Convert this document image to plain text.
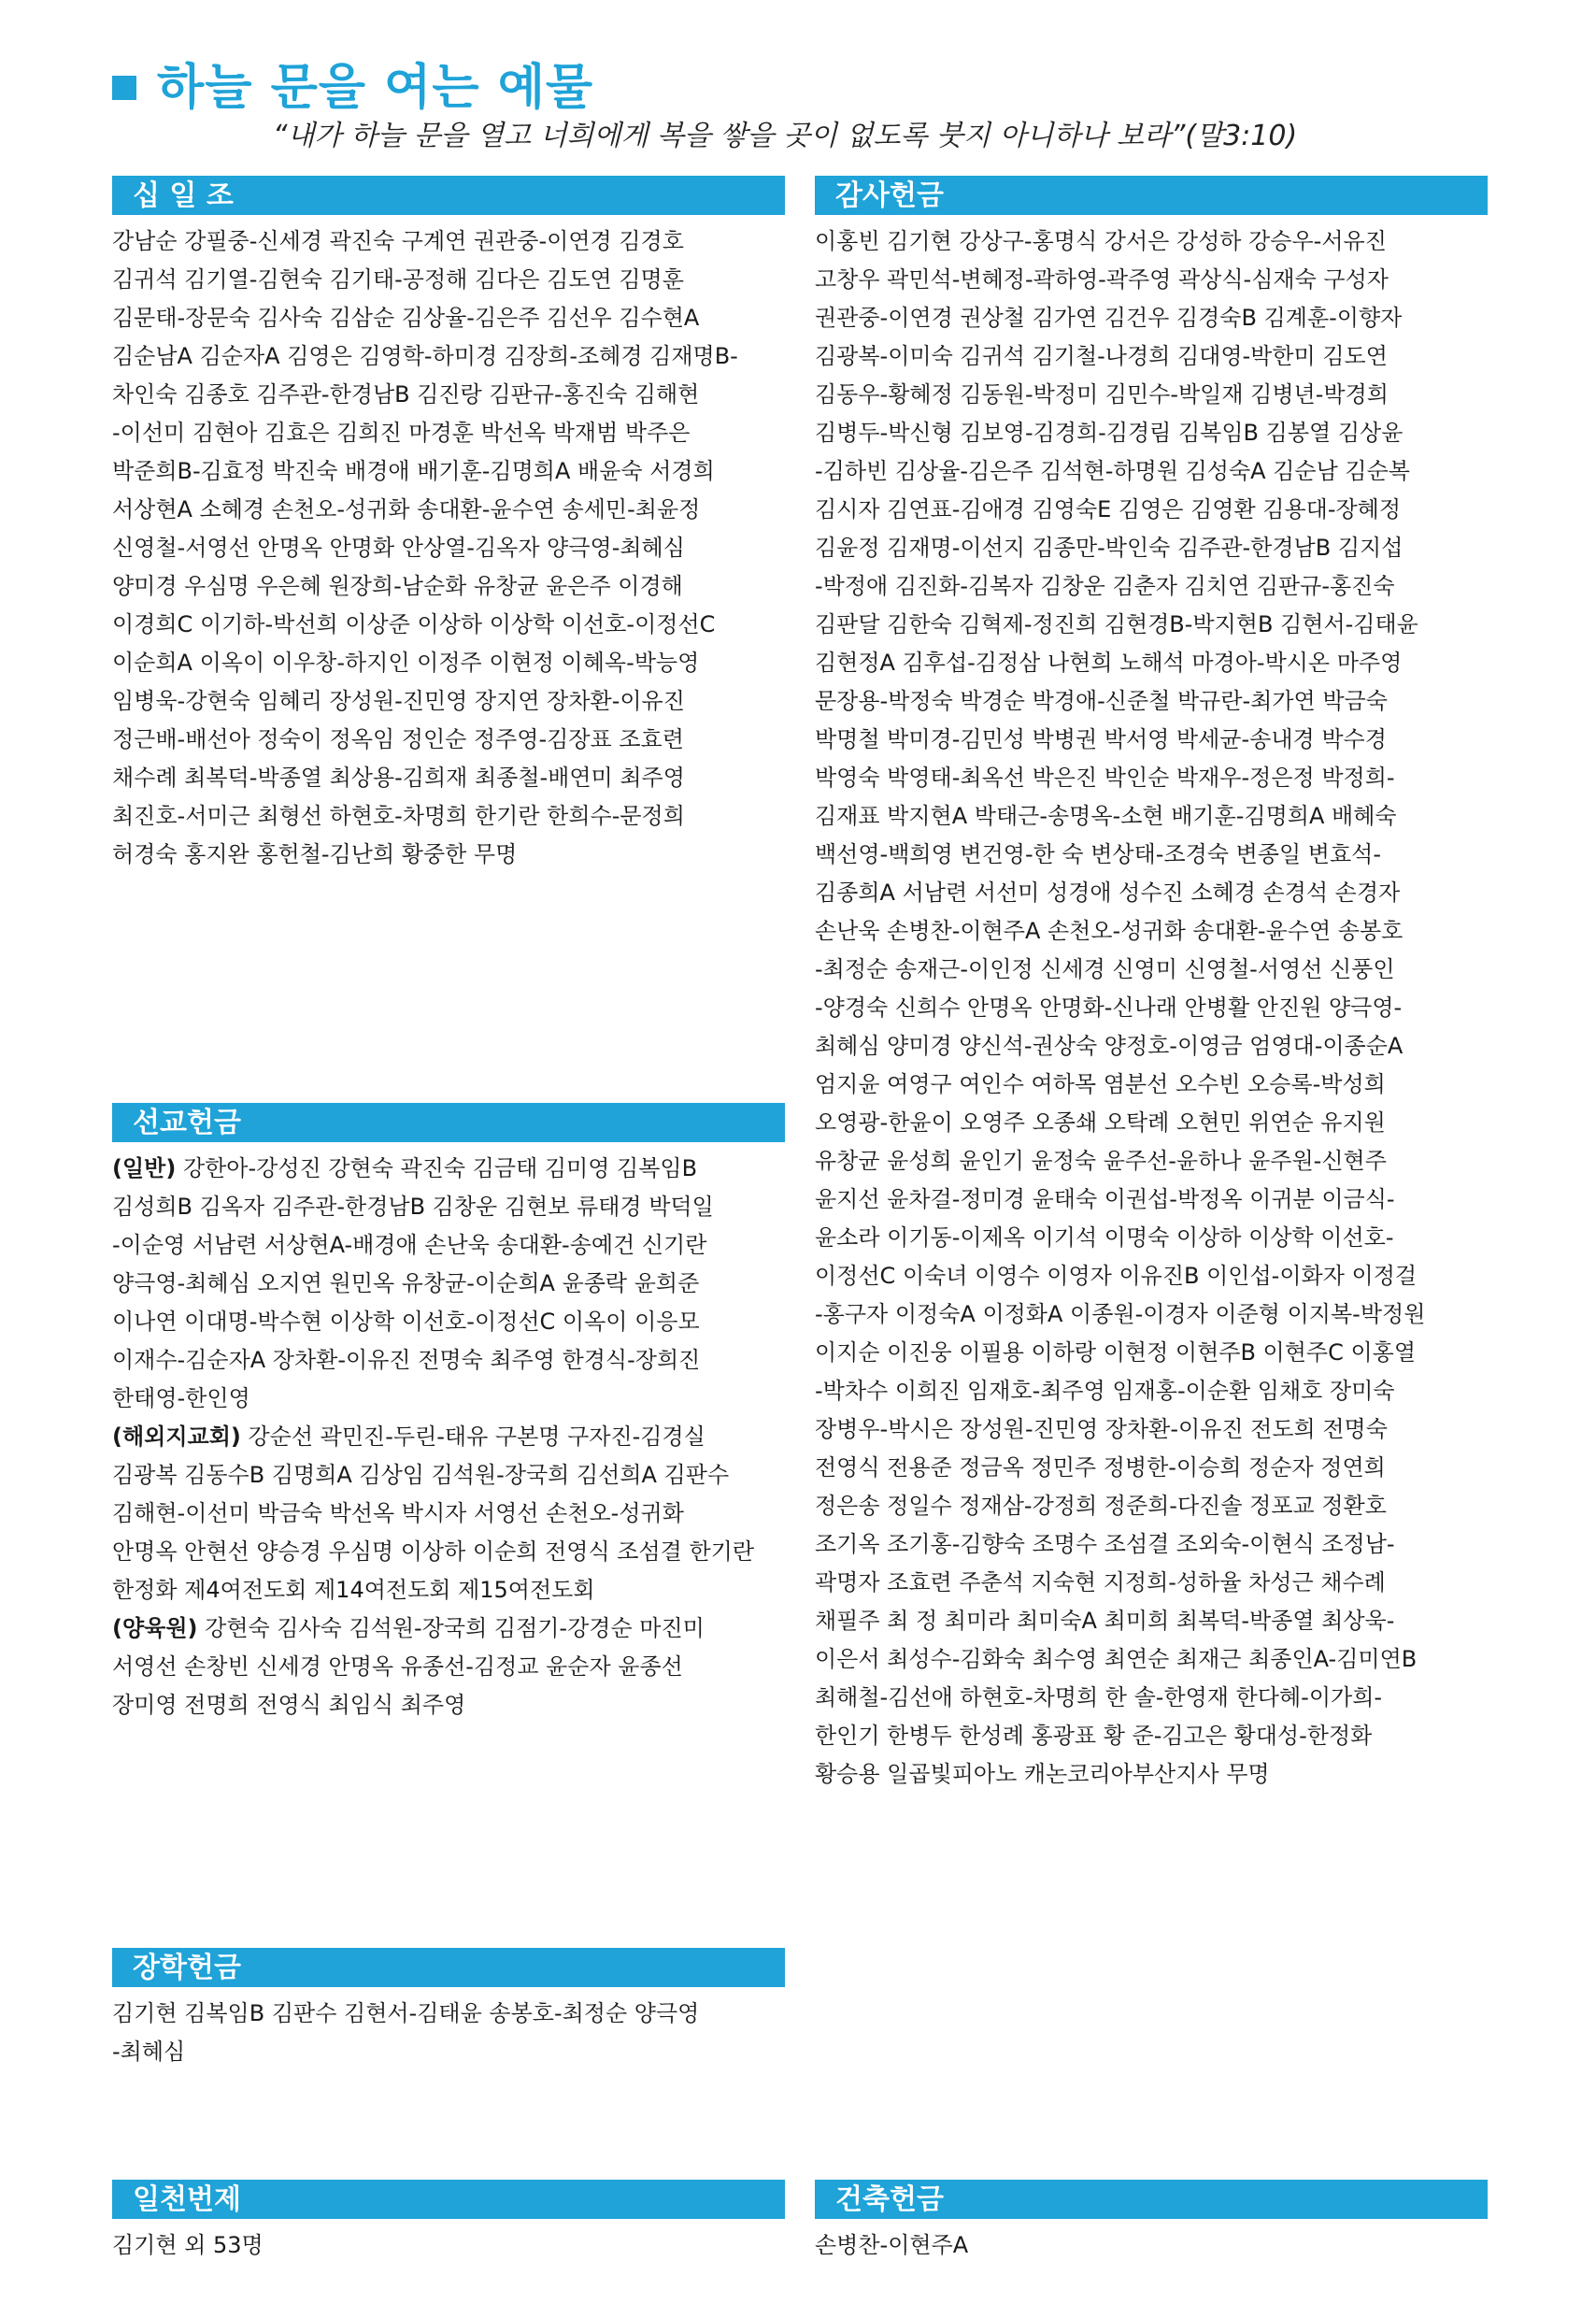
하늘 문을 여는 예물
“내가 하늘 문을 열고 너희에게 복을 쌓을 곳이 없도록 붓지 아니하나 보라”(말3:10)
십 일 조
강남순 강필중-신세경 곽진숙 구계연 권관중-이연경 김경호
김귀석 김기열-김현숙 김기태-공정해 김다은 김도연 김명훈
김문태-장문숙 김사숙 김삼순 김상율-김은주 김선우 김수현A
김순남A 김순자A 김영은 김영학-하미경 김장희-조혜경 김재명B-
차인숙 김종호 김주관-한경남B 김진랑 김판규-홍진숙 김해현
-이선미 김현아 김효은 김희진 마경훈 박선옥 박재범 박주은
박준희B-김효정 박진숙 배경애 배기훈-김명희A 배윤숙 서경희
서상현A 소혜경 손천오-성귀화 송대환-윤수연 송세민-최윤정
신영철-서영선 안명옥 안명화 안상열-김옥자 양극영-최혜심
양미경 우심명 우은혜 원장희-남순화 유창균 윤은주 이경해
이경희C 이기하-박선희 이상준 이상하 이상학 이선호-이정선C
이순희A 이옥이 이우창-하지인 이정주 이현정 이혜옥-박능영
임병욱-강현숙 임혜리 장성원-진민영 장지연 장차환-이유진
정근배-배선아 정숙이 정옥임 정인순 정주영-김장표 조효련
채수례 최복덕-박종열 최상용-김희재 최종철-배연미 최주영
최진호-서미근 최형선 하현호-차명희 한기란 한희수-문정희
허경숙 홍지완 홍헌철-김난희 황중한 무명
선교헌금
(일반) 강한아-강성진 강현숙 곽진숙 김금태 김미영 김복임B
김성희B 김옥자 김주관-한경남B 김창운 김현보 류태경 박덕일
-이순영 서남련 서상현A-배경애 손난욱 송대환-송예건 신기란
양극영-최혜심 오지연 원민옥 유창균-이순희A 윤종락 윤희준
이나연 이대명-박수현 이상학 이선호-이정선C 이옥이 이응모
이재수-김순자A 장차환-이유진 전명숙 최주영 한경식-장희진
한태영-한인영
(해외지교회) 강순선 곽민진-두린-태유 구본명 구자진-김경실
김광복 김동수B 김명희A 김상임 김석원-장국희 김선희A 김판수
김해현-이선미 박금숙 박선옥 박시자 서영선 손천오-성귀화
안명옥 안현선 양승경 우심명 이상하 이순희 전영식 조섬결 한기란
한정화 제4여전도회 제14여전도회 제15여전도회
(양육원) 강현숙 김사숙 김석원-장국희 김점기-강경순 마진미
서영선 손창빈 신세경 안명옥 유종선-김정교 윤순자 윤종선
장미영 전명희 전영식 최임식 최주영
장학헌금
김기현 김복임B 김판수 김현서-김태윤 송봉호-최정순 양극영
-최혜심
일천번제
김기현 외 53명
감사헌금
이홍빈 김기현 강상구-홍명식 강서은 강성하 강승우-서유진
고창우 곽민석-변혜정-곽하영-곽주영 곽상식-심재숙 구성자
권관중-이연경 권상철 김가연 김건우 김경숙B 김계훈-이향자
김광복-이미숙 김귀석 김기철-나경희 김대영-박한미 김도연
김동우-황혜정 김동원-박정미 김민수-박일재 김병년-박경희
김병두-박신형 김보영-김경희-김경림 김복임B 김봉열 김상윤
-김하빈 김상율-김은주 김석현-하명원 김성숙A 김순남 김순복
김시자 김연표-김애경 김영숙E 김영은 김영환 김용대-장혜정
김윤정 김재명-이선지 김종만-박인숙 김주관-한경남B 김지섭
-박정애 김진화-김복자 김창운 김춘자 김치연 김판규-홍진숙
김판달 김한숙 김혁제-정진희 김현경B-박지현B 김현서-김태윤
김현정A 김후섭-김정삼 나현희 노해석 마경아-박시온 마주영
문장용-박정숙 박경순 박경애-신준철 박규란-최가연 박금숙
박명철 박미경-김민성 박병권 박서영 박세균-송내경 박수경
박영숙 박영태-최옥선 박은진 박인순 박재우-정은정 박정희-
김재표 박지현A 박태근-송명옥-소현 배기훈-김명희A 배혜숙
백선영-백희영 변건영-한 숙 변상태-조경숙 변종일 변효석-
김종희A 서남련 서선미 성경애 성수진 소혜경 손경석 손경자
손난욱 손병찬-이현주A 손천오-성귀화 송대환-윤수연 송봉호
-최정순 송재근-이인정 신세경 신영미 신영철-서영선 신풍인
-양경숙 신희수 안명옥 안명화-신나래 안병활 안진원 양극영-
최혜심 양미경 양신석-권상숙 양정호-이영금 엄영대-이종순A
엄지윤 여영구 여인수 여하목 염분선 오수빈 오승록-박성희
오영광-한윤이 오영주 오종쇄 오탁례 오현민 위연순 유지원
유창균 윤성희 윤인기 윤정숙 윤주선-윤하나 윤주원-신현주
윤지선 윤차걸-정미경 윤태숙 이권섭-박정옥 이귀분 이금식-
윤소라 이기동-이제옥 이기석 이명숙 이상하 이상학 이선호-
이정선C 이숙녀 이영수 이영자 이유진B 이인섭-이화자 이정걸
-홍구자 이정숙A 이정화A 이종원-이경자 이준형 이지복-박정원
이지순 이진웅 이필용 이하랑 이현정 이현주B 이현주C 이홍열
-박차수 이희진 임재호-최주영 임재홍-이순환 임채호 장미숙
장병우-박시은 장성원-진민영 장차환-이유진 전도희 전명숙
전영식 전용준 정금옥 정민주 정병한-이승희 정순자 정연희
정은송 정일수 정재삼-강정희 정준희-다진솔 정포교 정환호
조기옥 조기홍-김향숙 조명수 조섬결 조외숙-이현식 조정남-
곽명자 조효련 주춘석 지숙현 지정희-성하율 차성근 채수례
채필주 최 정 최미라 최미숙A 최미희 최복덕-박종열 최상욱-
이은서 최성수-김화숙 최수영 최연순 최재근 최종인A-김미연B
최해철-김선애 하현호-차명희 한 솔-한영재 한다혜-이가희-
한인기 한병두 한성례 홍광표 황 준-김고은 황대성-한정화
황승용 일곱빛피아노 캐논코리아부산지사 무명
건축헌금
손병찬-이현주A
